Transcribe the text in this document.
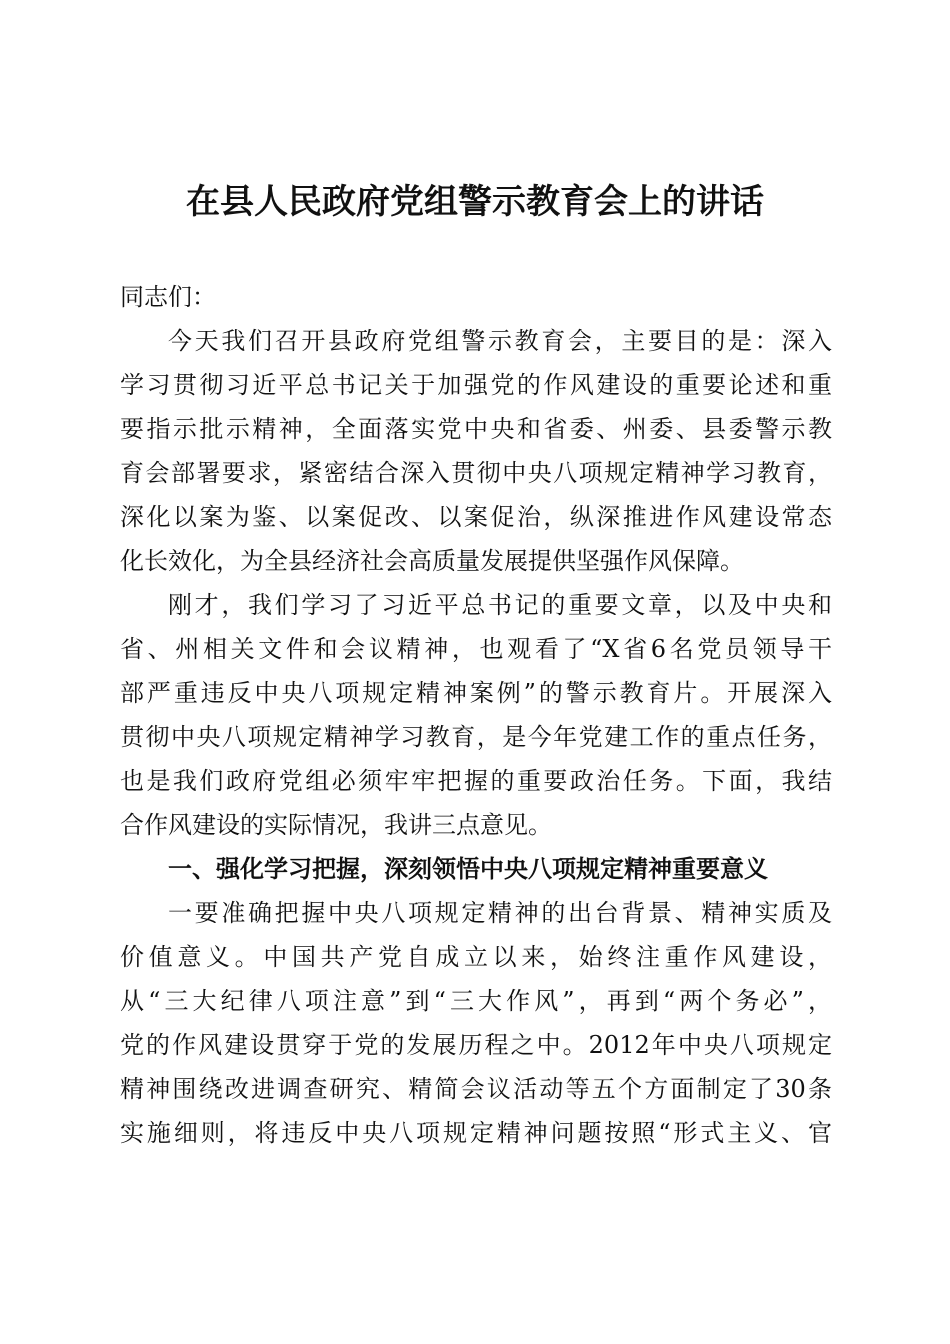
在县人民政府党组警示教育会上的讲话
同志们：
今天我们召开县政府党组警示教育会，主要目的是：深入
学习贯彻习近平总书记关于加强党的作风建设的重要论述和重
要指示批示精神，全面落实党中央和省委、州委、县委警示教
育会部署要求，紧密结合深入贯彻中央八项规定精神学习教育，
深化以案为鉴、以案促改、以案促治，纵深推进作风建设常态
化长效化，为全县经济社会高质量发展提供坚强作风保障。
刚才，我们学习了习近平总书记的重要文章，以及中央和
省、州相关文件和会议精神，也观看了“X省6名党员领导干
部严重违反中央八项规定精神案例”的警示教育片。开展深入
贯彻中央八项规定精神学习教育，是今年党建工作的重点任务，
也是我们政府党组必须牢牢把握的重要政治任务。下面，我结
合作风建设的实际情况，我讲三点意见。
一、强化学习把握，深刻领悟中央八项规定精神重要意义
一要准确把握中央八项规定精神的出台背景、精神实质及
价值意义。中国共产党自成立以来，始终注重作风建设，
从“三大纪律八项注意”到“三大作风”，再到“两个务必”，
党的作风建设贯穿于党的发展历程之中。2012年中央八项规定
精神围绕改进调查研究、精简会议活动等五个方面制定了30条
实施细则，将违反中央八项规定精神问题按照“形式主义、官
